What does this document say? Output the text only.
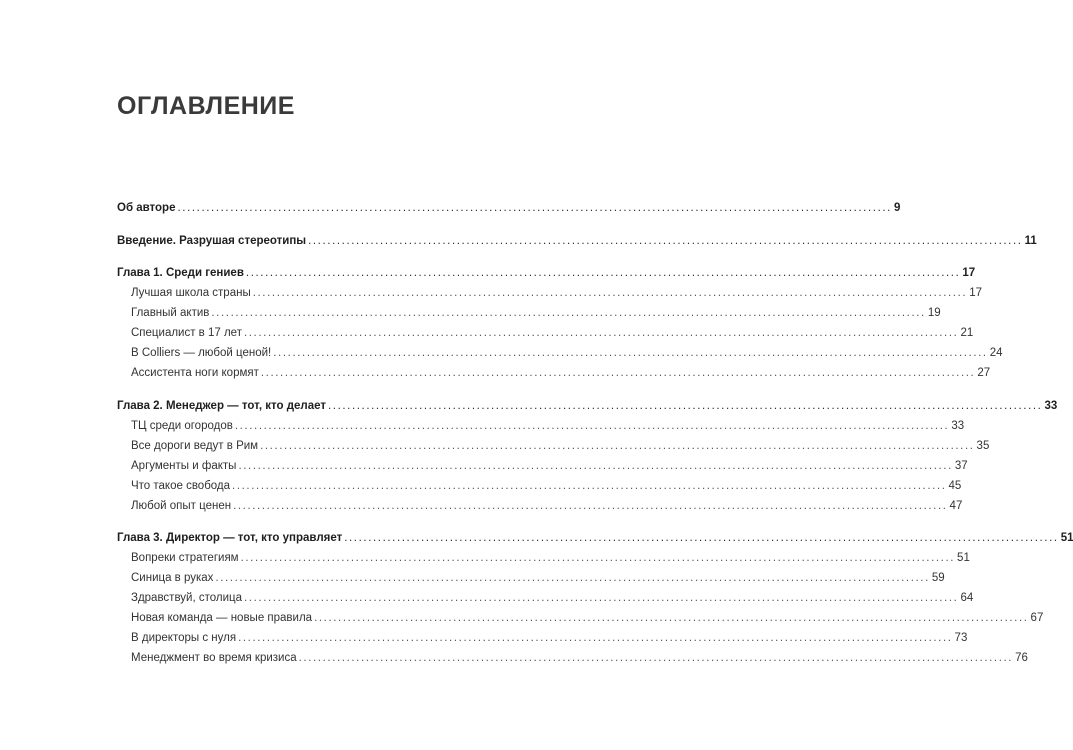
ОГЛАВЛЕНИЕ
Об авторе ..................................................................................................................................................... 9
Введение. Разрушая стереотипы ..................................................................................................................................................... 11
Глава 1. Среди гениев ..................................................................................................................................................... 17
Лучшая школа страны ..................................................................................................................................................... 17
Главный актив ..................................................................................................................................................... 19
Специалист в 17 лет ..................................................................................................................................................... 21
В Colliers — любой ценой! ..................................................................................................................................................... 24
Ассистента ноги кормят ..................................................................................................................................................... 27
Глава 2. Менеджер — тот, кто делает ..................................................................................................................................................... 33
ТЦ среди огородов ..................................................................................................................................................... 33
Все дороги ведут в Рим ..................................................................................................................................................... 35
Аргументы и факты ..................................................................................................................................................... 37
Что такое свобода ..................................................................................................................................................... 45
Любой опыт ценен ..................................................................................................................................................... 47
Глава 3. Директор — тот, кто управляет ..................................................................................................................................................... 51
Вопреки стратегиям ..................................................................................................................................................... 51
Синица в руках ..................................................................................................................................................... 59
Здравствуй, столица ..................................................................................................................................................... 64
Новая команда — новые правила ..................................................................................................................................................... 67
В директоры с нуля ..................................................................................................................................................... 73
Менеджмент во время кризиса ..................................................................................................................................................... 76
